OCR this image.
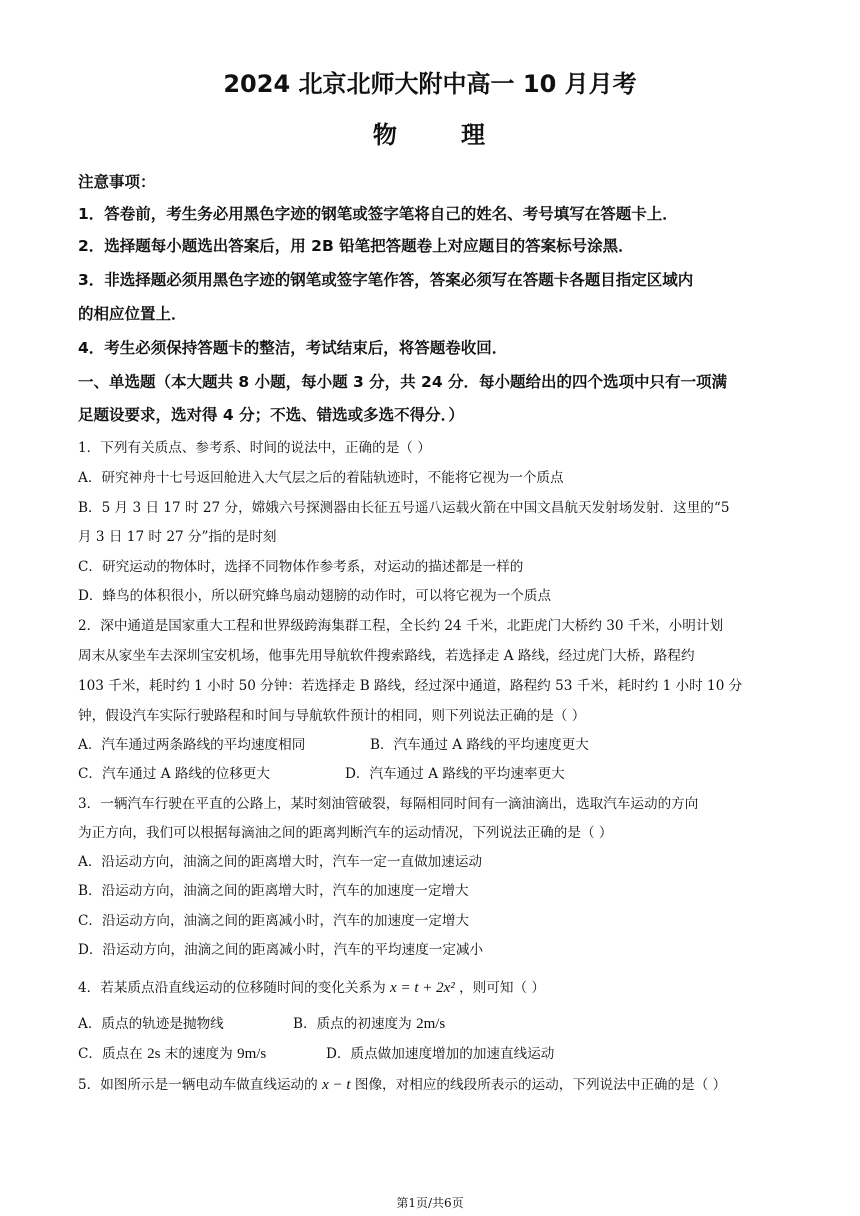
2024 北京北师大附中高一 10 月月考
物      理
注意事项：
1．答卷前，考生务必用黑色字迹的钢笔或签字笔将自己的姓名、考号填写在答题卡上．
2．选择题每小题选出答案后，用 2B 铅笔把答题卷上对应题目的答案标号涂黑．
3．非选择题必须用黑色字迹的钢笔或签字笔作答，答案必须写在答题卡各题目指定区域内
的相应位置上．
4．考生必须保持答题卡的整洁，考试结束后，将答题卷收回．
一、单选题（本大题共 8 小题，每小题 3 分，共 24 分．每小题给出的四个选项中只有一项满
足题设要求，选对得 4 分；不选、错选或多选不得分．）
1．下列有关质点、参考系、时间的说法中，正确的是（ ）
A．研究神舟十七号返回舱进入大气层之后的着陆轨迹时，不能将它视为一个质点
B．5 月 3 日 17 时 27 分，嫦娥六号探测器由长征五号遥八运载火箭在中国文昌航天发射场发射．这里的“5
月 3 日 17 时 27 分”指的是时刻
C．研究运动的物体时，选择不同物体作参考系，对运动的描述都是一样的
D．蜂鸟的体积很小，所以研究蜂鸟扇动翅膀的动作时，可以将它视为一个质点
2．深中通道是国家重大工程和世界级跨海集群工程，全长约 24 千米，北距虎门大桥约 30 千米，小明计划
周末从家坐车去深圳宝安机场，他事先用导航软件搜索路线，若选择走 A 路线，经过虎门大桥，路程约
103 千米，耗时约 1 小时 50 分钟：若选择走 B 路线，经过深中通道，路程约 53 千米，耗时约 1 小时 10 分
钟，假设汽车实际行驶路程和时间与导航软件预计的相同，则下列说法正确的是（ ）
A．汽车通过两条路线的平均速度相同	B．汽车通过 A 路线的平均速度更大
C．汽车通过 A 路线的位移更大	D．汽车通过 A 路线的平均速率更大
3．一辆汽车行驶在平直的公路上，某时刻油管破裂，每隔相同时间有一滴油滴出，选取汽车运动的方向
为正方向，我们可以根据每滴油之间的距离判断汽车的运动情况，下列说法正确的是（ ）
A．沿运动方向，油滴之间的距离增大时，汽车一定一直做加速运动
B．沿运动方向，油滴之间的距离增大时，汽车的加速度一定增大
C．沿运动方向，油滴之间的距离减小时，汽车的加速度一定增大
D．沿运动方向，油滴之间的距离减小时，汽车的平均速度一定减小
4．若某质点沿直线运动的位移随时间的变化关系为 x = t + 2x² ，则可知（ ）
A．质点的轨迹是抛物线	B．质点的初速度为 2m/s
C．质点在 2s 末的速度为 9m/s	D．质点做加速度增加的加速直线运动
5．如图所示是一辆电动车做直线运动的 x − t 图像，对相应的线段所表示的运动，下列说法中正确的是（ ）
第1页/共6页
